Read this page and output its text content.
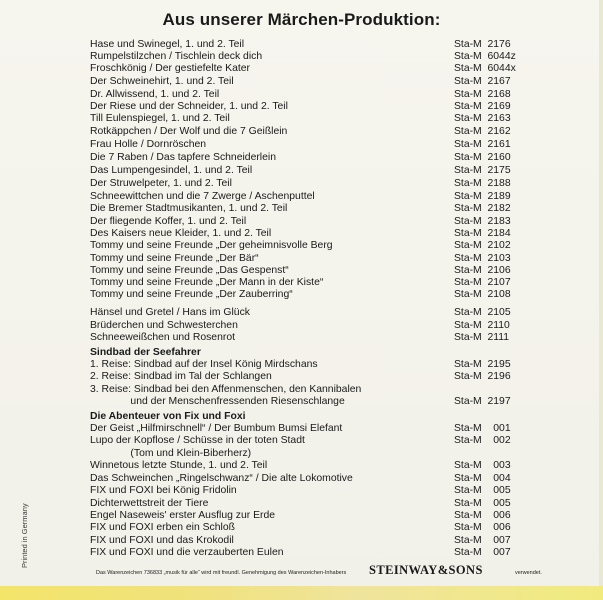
Aus unserer Märchen-Produktion:
Hase und Swinegel, 1. und 2. Teil	Sta-M  2176
Rumpelstilzchen / Tischlein deck dich	Sta-M  6044z
Froschkönig / Der gestiefelte Kater	Sta-M  6044x
Der Schweinehirt, 1. und 2. Teil	Sta-M  2167
Dr. Allwissend, 1. und 2. Teil	Sta-M  2168
Der Riese und der Schneider, 1. und 2. Teil	Sta-M  2169
Till Eulenspiegel, 1. und 2. Teil	Sta-M  2163
Rotkäppchen / Der Wolf und die 7 Geißlein	Sta-M  2162
Frau Holle / Dornröschen	Sta-M  2161
Die 7 Raben / Das tapfere Schneiderlein	Sta-M  2160
Das Lumpengesindel, 1. und 2. Teil	Sta-M  2175
Der Struwelpeter, 1. und 2. Teil	Sta-M  2188
Schneewittchen und die 7 Zwerge / Aschenputtel	Sta-M  2189
Die Bremer Stadtmusikanten, 1. und 2. Teil	Sta-M  2182
Der fliegende Koffer, 1. und 2. Teil	Sta-M  2183
Des Kaisers neue Kleider, 1. und 2. Teil	Sta-M  2184
Tommy und seine Freunde „Der geheimnisvolle Berg	Sta-M  2102
Tommy und seine Freunde „Der Bär“	Sta-M  2103
Tommy und seine Freunde „Das Gespenst“	Sta-M  2106
Tommy und seine Freunde „Der Mann in der Kiste“	Sta-M  2107
Tommy und seine Freunde „Der Zauberring“	Sta-M  2108
Hänsel und Gretel / Hans im Glück	Sta-M  2105
Brüderchen und Schwesterchen	Sta-M  2110
Schneeweißchen und Rosenrot	Sta-M  2111
Sindbad der Seefahrer
1. Reise: Sindbad auf der Insel König Mirdschans	Sta-M  2195
2. Reise: Sindbad im Tal der Schlangen	Sta-M  2196
3. Reise: Sindbad bei den Affenmenschen, den Kannibalen
und der Menschenfressenden Riesenschlange	Sta-M  2197
Die Abenteuer von Fix und Foxi
Der Geist „Hilfmirschnell“ / Der Bumbum Bumsi Elefant	Sta-M    001
Lupo der Kopflose / Schüsse in der toten Stadt	Sta-M    002
(Tom und Klein-Biberherz)
Winnetous letzte Stunde, 1. und 2. Teil	Sta-M    003
Das Schweinchen „Ringelschwanz“ / Die alte Lokomotive	Sta-M    004
FIX und FOXI bei König Fridolin	Sta-M    005
Dichterwettstreit der Tiere	Sta-M    005
Engel Naseweis' erster Ausflug zur Erde	Sta-M    006
FIX und FOXI erben ein Schloß	Sta-M    006
FIX und FOXI und das Krokodil	Sta-M    007
FIX und FOXI und die verzauberten Eulen	Sta-M    007
Das Warenzeichen 736833 „musik für alle“ wird mit freundl. Genehmigung des Warenzeichen-Inhabers	STEINWAY&SONS	verwendet.
Printed in Germany
